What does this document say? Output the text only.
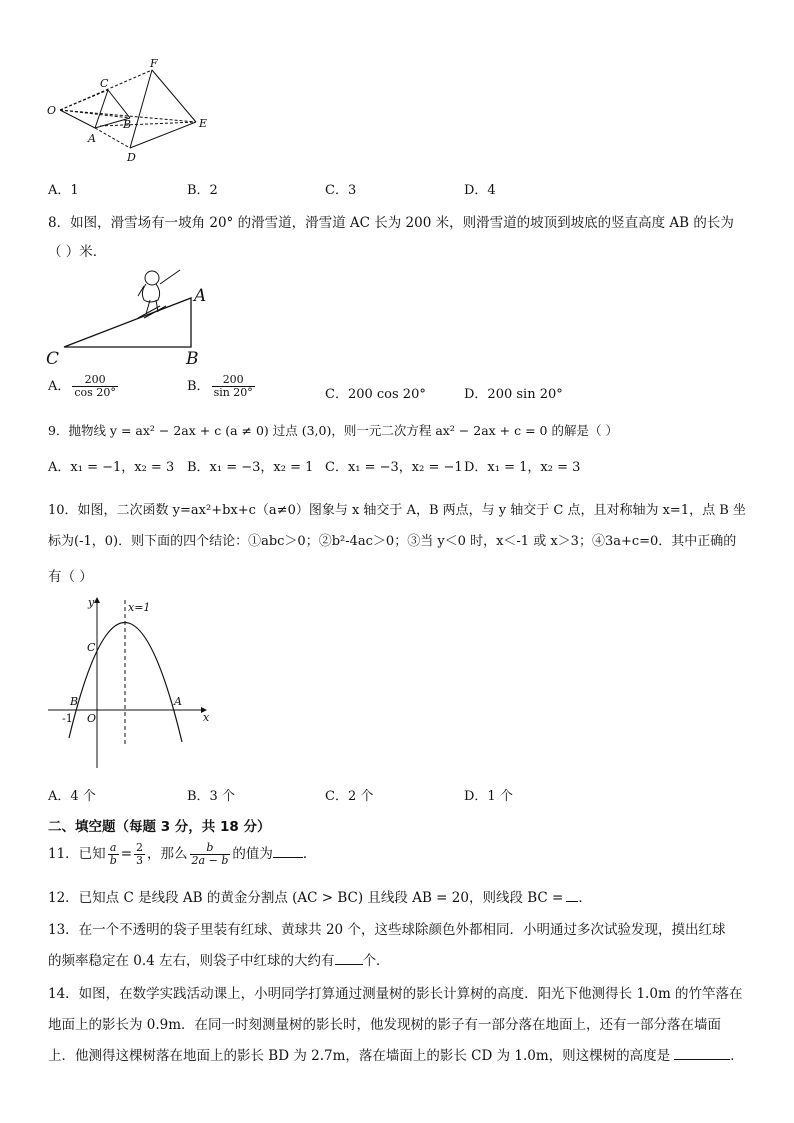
O
C
F
B
A
E
D
A．1	B．2	C．3	D．4
8．如图，滑雪场有一坡角 20° 的滑雪道，滑雪道 AC 长为 200 米，则滑雪道的坡顶到坡底的竖直高度 AB 的长为
（ ）米．
A
B
C
A． $\frac{200}{\cos 20^\circ}$	B． $\frac{200}{\sin 20^\circ}$	C．200 cos 20°	D．200 sin 20°
9．抛物线 y = ax² − 2ax + c (a ≠ 0) 过点 (3,0)，则一元二次方程 ax² − 2ax + c = 0 的解是（ ）
A．x₁ = −1，x₂ = 3 B．x₁ = −3，x₂ = 1 C．x₁ = −3，x₂ = −1 D．x₁ = 1，x₂ = 3
10．如图，二次函数 y=ax²+bx+c（a≠0）图象与 x 轴交于 A，B 两点，与 y 轴交于 C 点，且对称轴为 x=1，点 B 坐
标为(-1，0)．则下面的四个结论：①abc＞0；②b²-4ac＞0；③当 y＜0 时，x＜-1 或 x＞3；④3a+c=0．其中正确的
有（ ）
y
x
x=1
C
B	A
O
-1
A．4 个	B．3 个	C．2 个	D．1 个
二、填空题（每题 3 分，共 18 分）
11．已知 $\frac{a}{b} = \frac{2}{3}$ ，那么 $\frac{b}{2a - b}$ 的值为 ．
12．已知点 C 是线段 AB 的黄金分割点 (AC > BC) 且线段 AB = 20，则线段 BC = ．
13．在一个不透明的袋子里装有红球、黄球共 20 个，这些球除颜色外都相同．小明通过多次试验发现，摸出红球
的频率稳定在 0.4 左右，则袋子中红球的大约有 个．
14．如图，在数学实践活动课上，小明同学打算通过测量树的影长计算树的高度．阳光下他测得长 1.0m 的竹竿落在
地面上的影长为 0.9m．在同一时刻测量树的影长时，他发现树的影子有一部分落在地面上，还有一部分落在墙面
上．他测得这棵树落在地面上的影长 BD 为 2.7m，落在墙面上的影长 CD 为 1.0m，则这棵树的高度是	．
